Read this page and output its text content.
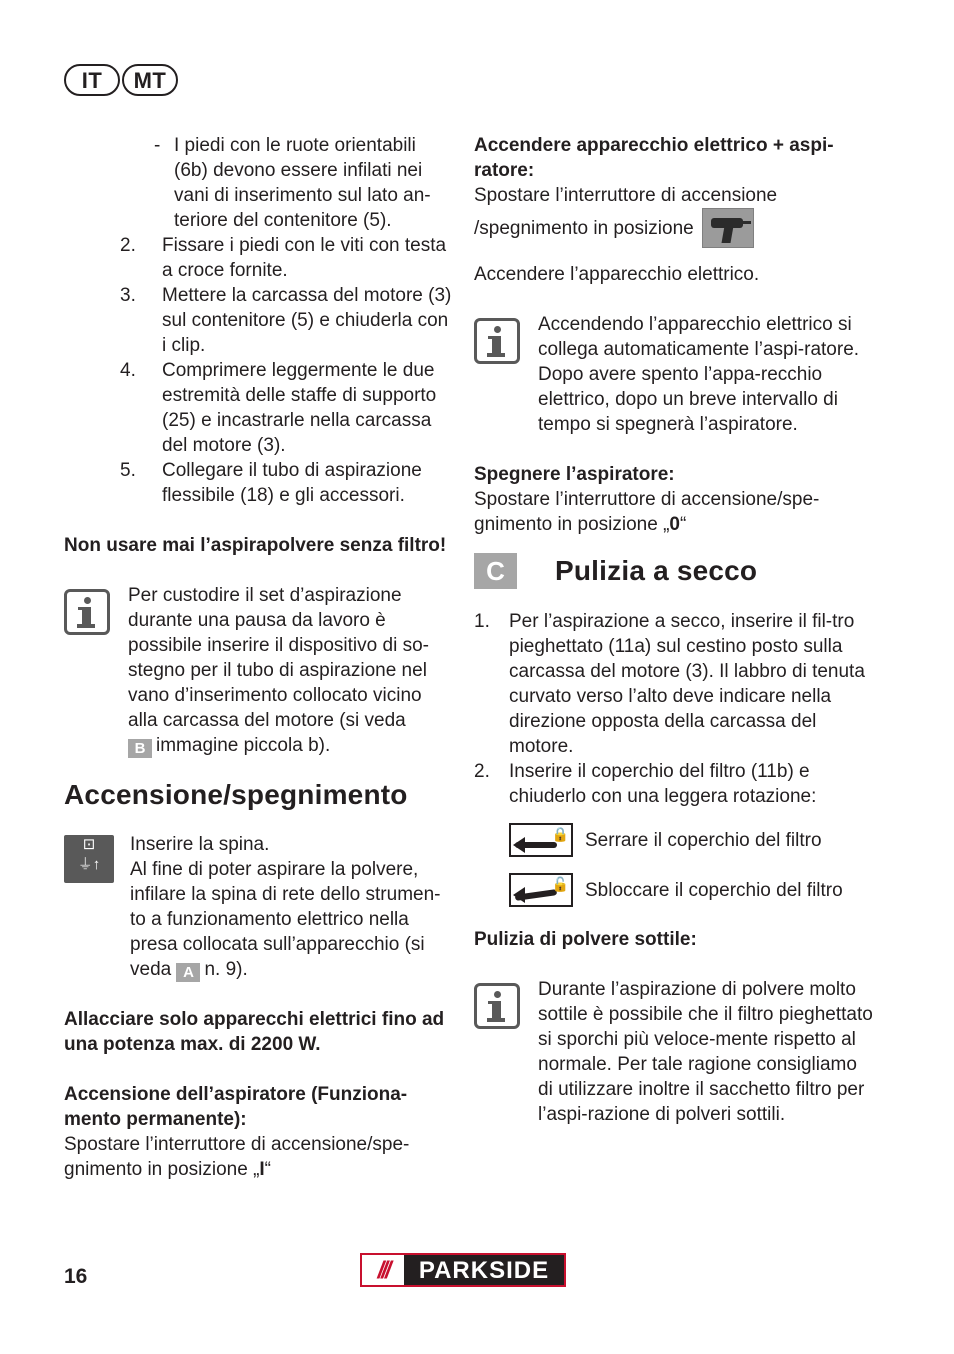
IT	MT
- I piedi con le ruote orientabili (6b) devono essere infilati nei vani di inserimento sul lato an-teriore del contenitore (5).
2.	Fissare i piedi con le viti con testa a croce fornite.
3.	Mettere la carcassa del motore (3) sul contenitore (5) e chiuderla con i clip.
4.	Comprimere leggermente le due estremità delle staffe di supporto (25) e incastrarle nella carcassa del motore (3).
5.	Collegare il tubo di aspirazione flessibile (18) e gli accessori.

Non usare mai l’aspirapolvere senza filtro!

Per custodire il set d’aspirazione durante una pausa da lavoro è possibile inserire il dispositivo di so-stegno per il tubo di aspirazione nel vano d’inserimento collocato vicino alla carcassa del motore (si veda
B immagine piccola b).

Accensione/spegnimento
⊡
⏚↑

Inserire la spina.
Al fine di poter aspirare la polvere, infilare la spina di rete dello strumen-to a funzionamento elettrico nella presa collocata sull’apparecchio (si veda A n. 9).

Allacciare solo apparecchi elettrici fino ad una potenza max. di 2200 W.

Accensione dell’aspiratore (Funziona-mento permanente):

Spostare l’interruttore di accensione/spe-gnimento in posizione „I“

Accendere apparecchio elettrico + aspi-ratore:

Spostare l’interruttore di accensione /spegnimento in posizione

Accendere l’apparecchio elettrico.

Accendendo l’apparecchio elettrico si collega automaticamente l’aspi-ratore. Dopo avere spento l’appa-recchio elettrico, dopo un breve intervallo di tempo si spegnerà l’aspiratore.

Spegnere l’aspiratore:

Spostare l’interruttore di accensione/spe-gnimento in posizione „0“

C	Pulizia a secco
1.	Per l’aspirazione a secco, inserire il fil-tro pieghettato (11a) sul cestino posto sulla carcassa del motore (3). Il labbro di tenuta curvato verso l’alto deve indicare nella direzione opposta della carcassa del motore.
2.	Inserire il coperchio del filtro (11b) e chiuderlo con una leggera rotazione:
🔒 Serrare il coperchio del filtro
🔓 Sbloccare il coperchio del filtro

Pulizia di polvere sottile:

Durante l’aspirazione di polvere molto sottile è possibile che il filtro pieghettato si sporchi più veloce-mente rispetto al normale. Per tale ragione consigliamo di utilizzare inoltre il sacchetto filtro per l’aspi-razione di polveri sottili.

16	///	PARKSIDE
